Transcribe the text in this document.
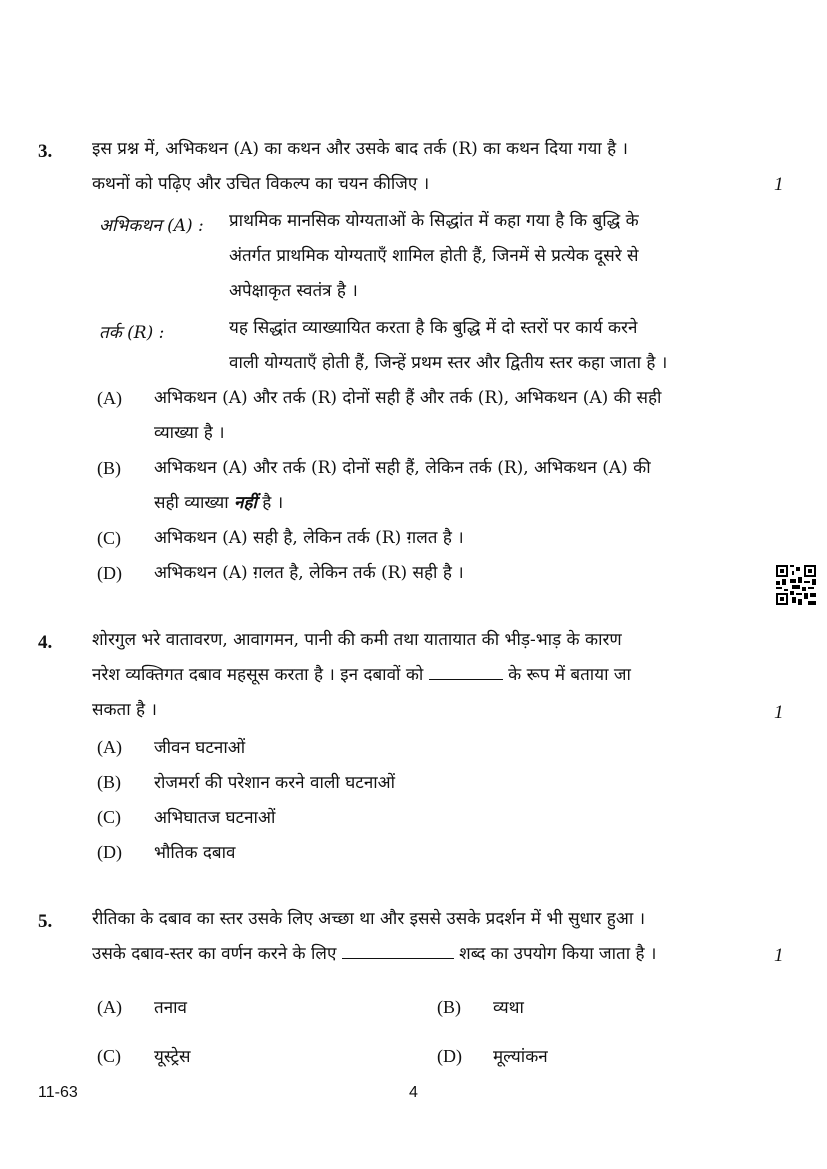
3. इस प्रश्न में, अभिकथन (A) का कथन और उसके बाद तर्क (R) का कथन दिया गया है ।
कथनों को पढ़िए और उचित विकल्प का चयन कीजिए ।	1
अभिकथन (A) : प्राथमिक मानसिक योग्यताओं के सिद्धांत में कहा गया है कि बुद्धि के
अंतर्गत प्राथमिक योग्यताएँ शामिल होती हैं, जिनमें से प्रत्येक दूसरे से
अपेक्षाकृत स्वतंत्र है ।
तर्क (R) :	यह सिद्धांत व्याख्यायित करता है कि बुद्धि में दो स्तरों पर कार्य करने
वाली योग्यताएँ होती हैं, जिन्हें प्रथम स्तर और द्वितीय स्तर कहा जाता है ।
(A) अभिकथन (A) और तर्क (R) दोनों सही हैं और तर्क (R), अभिकथन (A) की सही
व्याख्या है ।
(B) अभिकथन (A) और तर्क (R) दोनों सही हैं, लेकिन तर्क (R), अभिकथन (A) की
सही व्याख्या नहीं है ।
(C) अभिकथन (A) सही है, लेकिन तर्क (R) ग़लत है ।
(D) अभिकथन (A) ग़लत है, लेकिन तर्क (R) सही है ।
4. शोरगुल भरे वातावरण, आवागमन, पानी की कमी तथा यातायात की भीड़-भाड़ के कारण
नरेश व्यक्तिगत दबाव महसूस करता है । इन दबावों को	के रूप में बताया जा
सकता है ।	1
(A) जीवन घटनाओं
(B) रोजमर्रा की परेशान करने वाली घटनाओं
(C) अभिघातज घटनाओं
(D) भौतिक दबाव
5. रीतिका के दबाव का स्तर उसके लिए अच्छा था और इससे उसके प्रदर्शन में भी सुधार हुआ ।
उसके दबाव-स्तर का वर्णन करने के लिए	शब्द का उपयोग किया जाता है ।	1
(A) तनाव	(B) व्यथा
(C) यूस्ट्रेस	(D) मूल्यांकन
11-63	4
